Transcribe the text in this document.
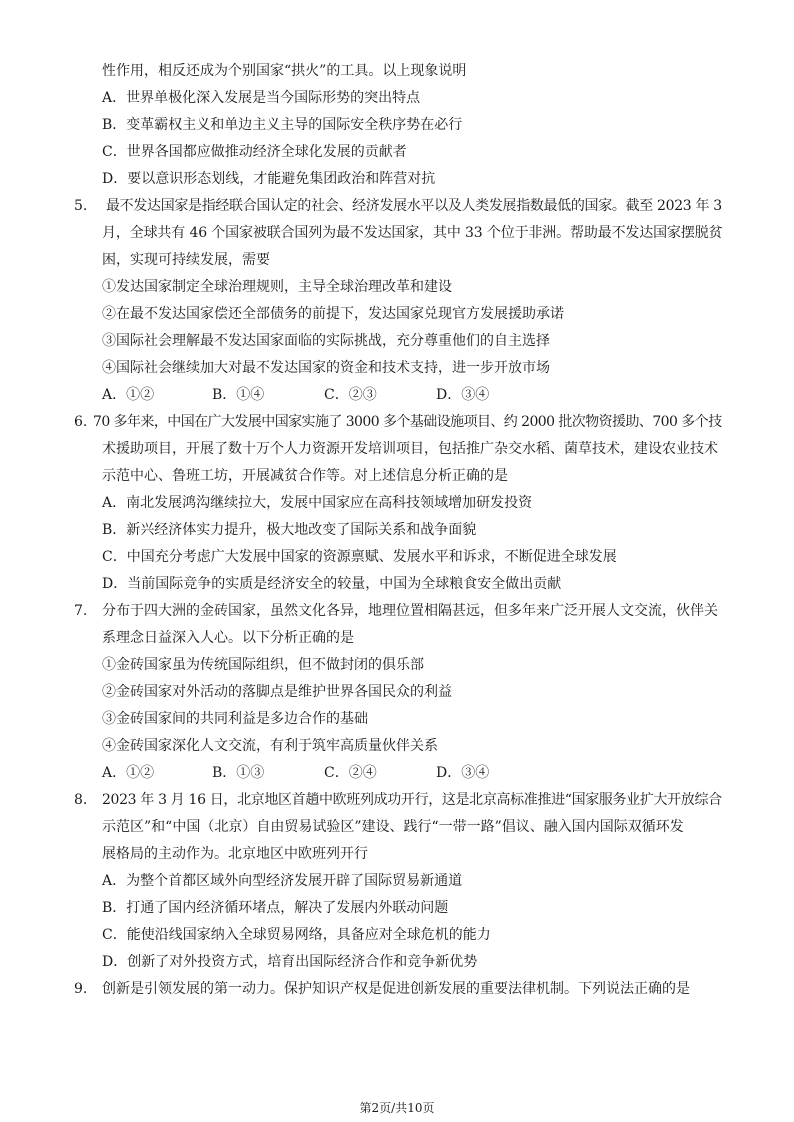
性作用，相反还成为个别国家“拱火”的工具。以上现象说明
A．世界单极化深入发展是当今国际形势的突出特点
B．变革霸权主义和单边主义主导的国际安全秩序势在必行
C．世界各国都应做推动经济全球化发展的贡献者
D．要以意识形态划线，才能避免集团政治和阵营对抗
5. 最不发达国家是指经联合国认定的社会、经济发展水平以及人类发展指数最低的国家。截至 2023 年 3
月，全球共有 46 个国家被联合国列为最不发达国家，其中 33 个位于非洲。帮助最不发达国家摆脱贫
困，实现可持续发展，需要
①发达国家制定全球治理规则，主导全球治理改革和建设
②在最不发达国家偿还全部债务的前提下，发达国家兑现官方发展援助承诺
③国际社会理解最不发达国家面临的实际挑战，充分尊重他们的自主选择
④国际社会继续加大对最不发达国家的资金和技术支持，进一步开放市场
A．①②	B．①④	C．②③	D．③④
6. 70 多年来，中国在广大发展中国家实施了 3000 多个基础设施项目、约 2000 批次物资援助、700 多个技
术援助项目，开展了数十万个人力资源开发培训项目，包括推广杂交水稻、菌草技术，建设农业技术
示范中心、鲁班工坊，开展减贫合作等。对上述信息分析正确的是
A．南北发展鸿沟继续拉大，发展中国家应在高科技领域增加研发投资
B．新兴经济体实力提升，极大地改变了国际关系和战争面貌
C．中国充分考虑广大发展中国家的资源禀赋、发展水平和诉求，不断促进全球发展
D．当前国际竞争的实质是经济安全的较量，中国为全球粮食安全做出贡献
7. 分布于四大洲的金砖国家，虽然文化各异，地理位置相隔甚远，但多年来广泛开展人文交流，伙伴关
系理念日益深入人心。以下分析正确的是
①金砖国家虽为传统国际组织，但不做封闭的俱乐部
②金砖国家对外活动的落脚点是维护世界各国民众的利益
③金砖国家间的共同利益是多边合作的基础
④金砖国家深化人文交流，有利于筑牢高质量伙伴关系
A．①②	B．①③	C．②④	D．③④
8. 2023 年 3 月 16 日，北京地区首趟中欧班列成功开行，这是北京高标准推进“国家服务业扩大开放综合
示范区”和“中国（北京）自由贸易试验区”建设、践行“一带一路”倡议、融入国内国际双循环发
展格局的主动作为。北京地区中欧班列开行
A．为整个首都区域外向型经济发展开辟了国际贸易新通道
B．打通了国内经济循环堵点，解决了发展内外联动问题
C．能使沿线国家纳入全球贸易网络，具备应对全球危机的能力
D．创新了对外投资方式，培育出国际经济合作和竞争新优势
9. 创新是引领发展的第一动力。保护知识产权是促进创新发展的重要法律机制。下列说法正确的是
第2页/共10页
